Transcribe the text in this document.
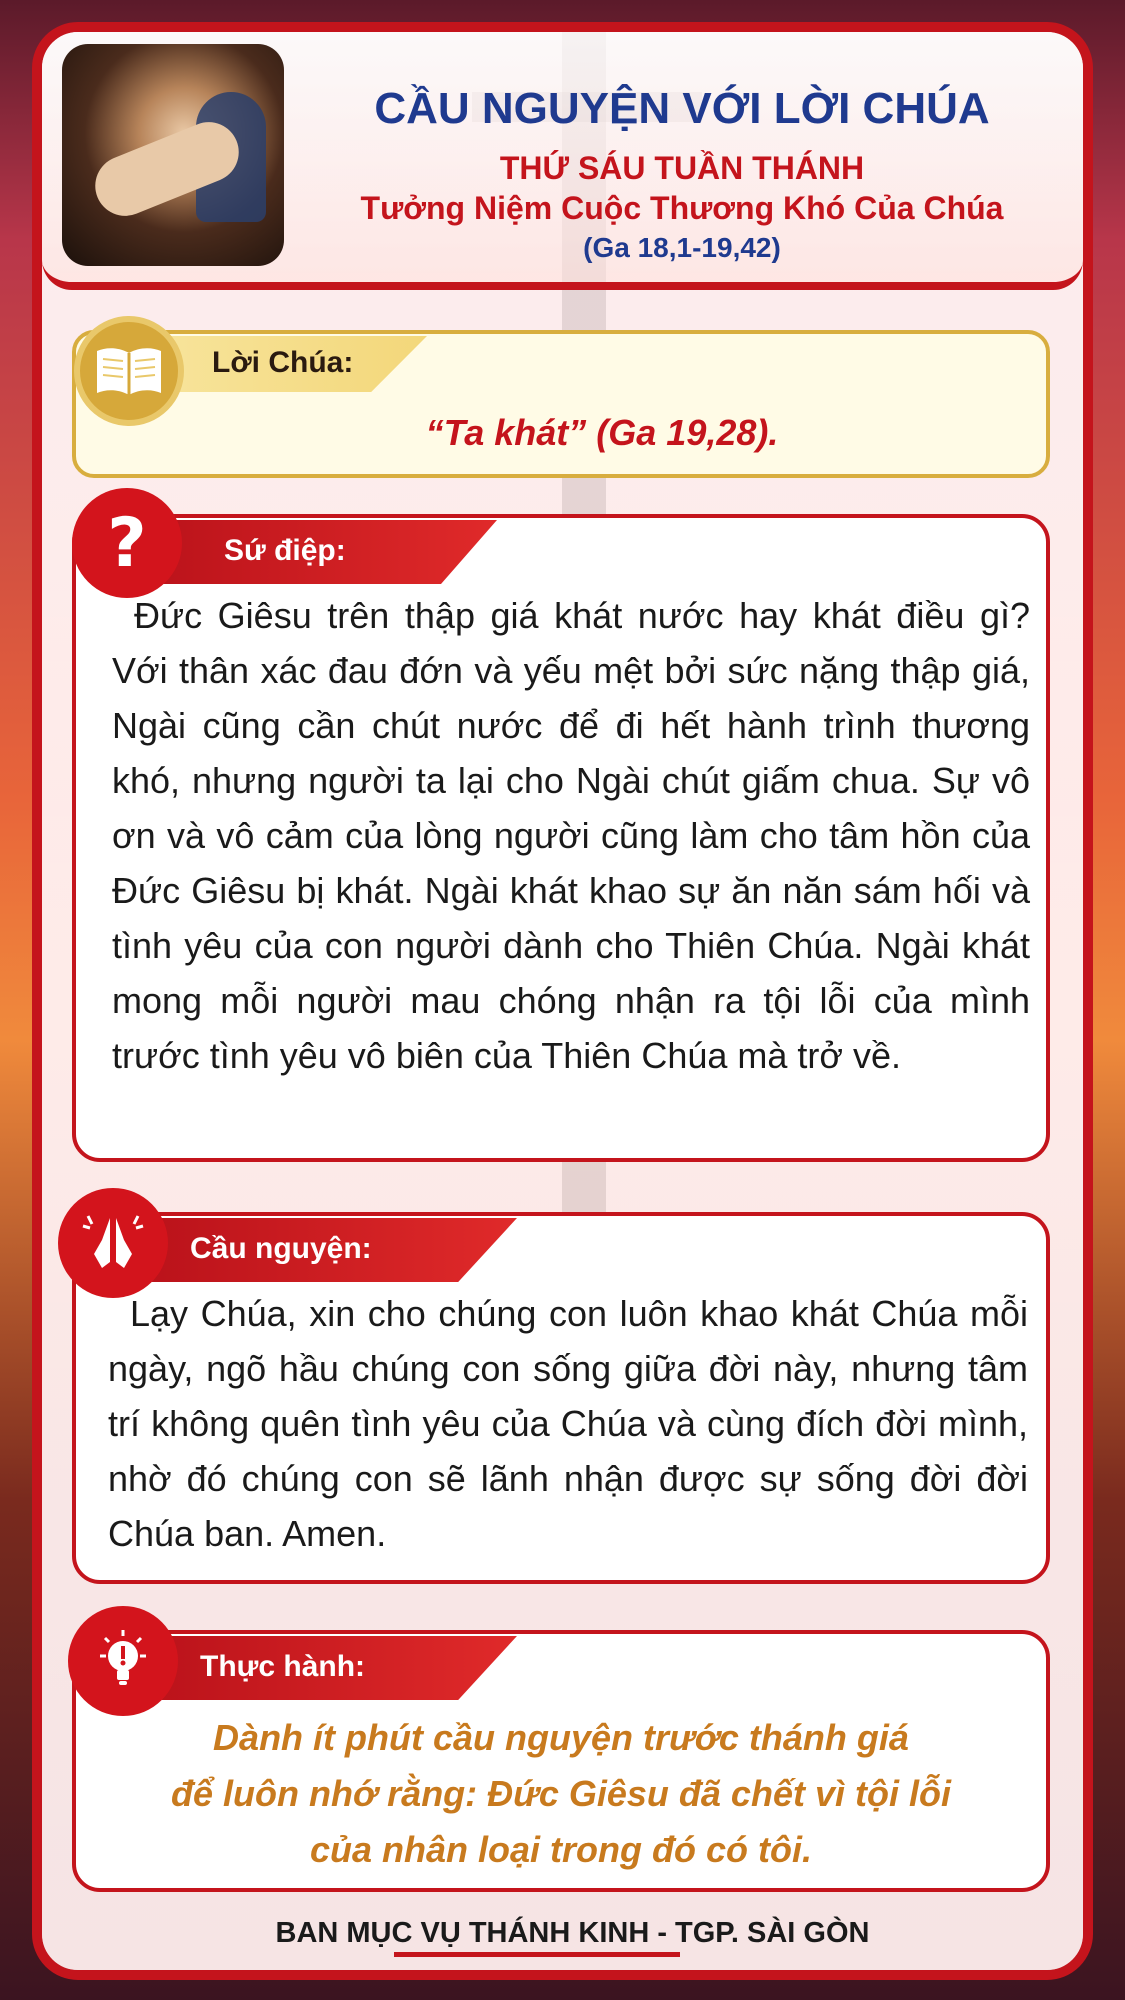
CẦU NGUYỆN VỚI LỜI CHÚA
THỨ SÁU TUẦN THÁNH
Tưởng Niệm Cuộc Thương Khó Của Chúa
(Ga 18,1-19,42)
Lời Chúa:
“Ta khát” (Ga 19,28).
?	Sứ điệp:
Đức Giêsu trên thập giá khát nước hay khát điều gì? Với thân xác đau đớn và yếu mệt bởi sức nặng thập giá, Ngài cũng cần chút nước để đi hết hành trình thương khó, nhưng người ta lại cho Ngài chút giấm chua. Sự vô ơn và vô cảm của lòng người cũng làm cho tâm hồn của Đức Giêsu bị khát. Ngài khát khao sự ăn năn sám hối và tình yêu của con người dành cho Thiên Chúa. Ngài khát mong mỗi người mau chóng nhận ra tội lỗi của mình trước tình yêu vô biên của Thiên Chúa mà trở về.
Cầu nguyện:
Lạy Chúa, xin cho chúng con luôn khao khát Chúa mỗi ngày, ngõ hầu chúng con sống giữa đời này, nhưng tâm trí không quên tình yêu của Chúa và cùng đích đời mình, nhờ đó chúng con sẽ lãnh nhận được sự sống đời đời Chúa ban. Amen.
Thực hành:
Dành ít phút cầu nguyện trước thánh giá
để luôn nhớ rằng: Đức Giêsu đã chết vì tội lỗi
của nhân loại trong đó có tôi.
BAN MỤC VỤ THÁNH KINH - TGP. SÀI GÒN
